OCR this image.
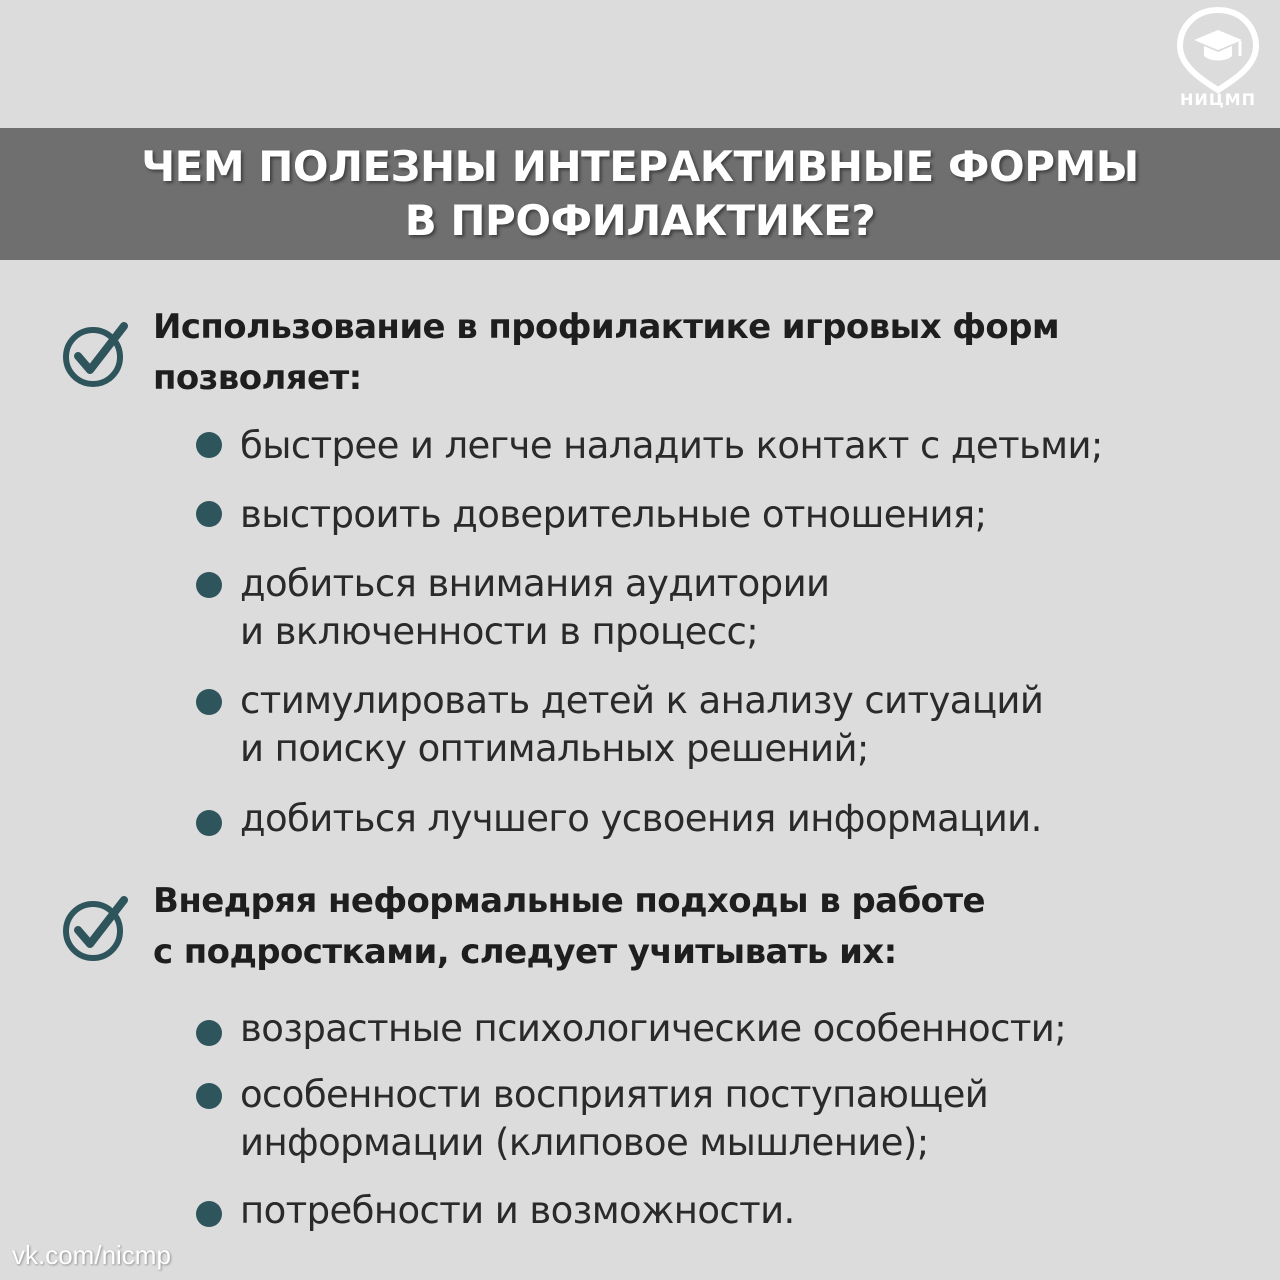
НИЦМП
ЧЕМ ПОЛЕЗНЫ ИНТЕРАКТИВНЫЕ ФОРМЫ
В ПРОФИЛАКТИКЕ?
Использование в профилактике игровых форм
позволяет:
быстрее и легче наладить контакт с детьми;
выстроить доверительные отношения;
добиться внимания аудитории
и включенности в процесс;
стимулировать детей к анализу ситуаций
и поиску оптимальных решений;
добиться лучшего усвоения информации.
Внедряя неформальные подходы в работе
с подростками, следует учитывать их:
возрастные психологические особенности;
особенности восприятия поступающей
информации (клиповое мышление);
потребности и возможности.
vk.com/nicmp
